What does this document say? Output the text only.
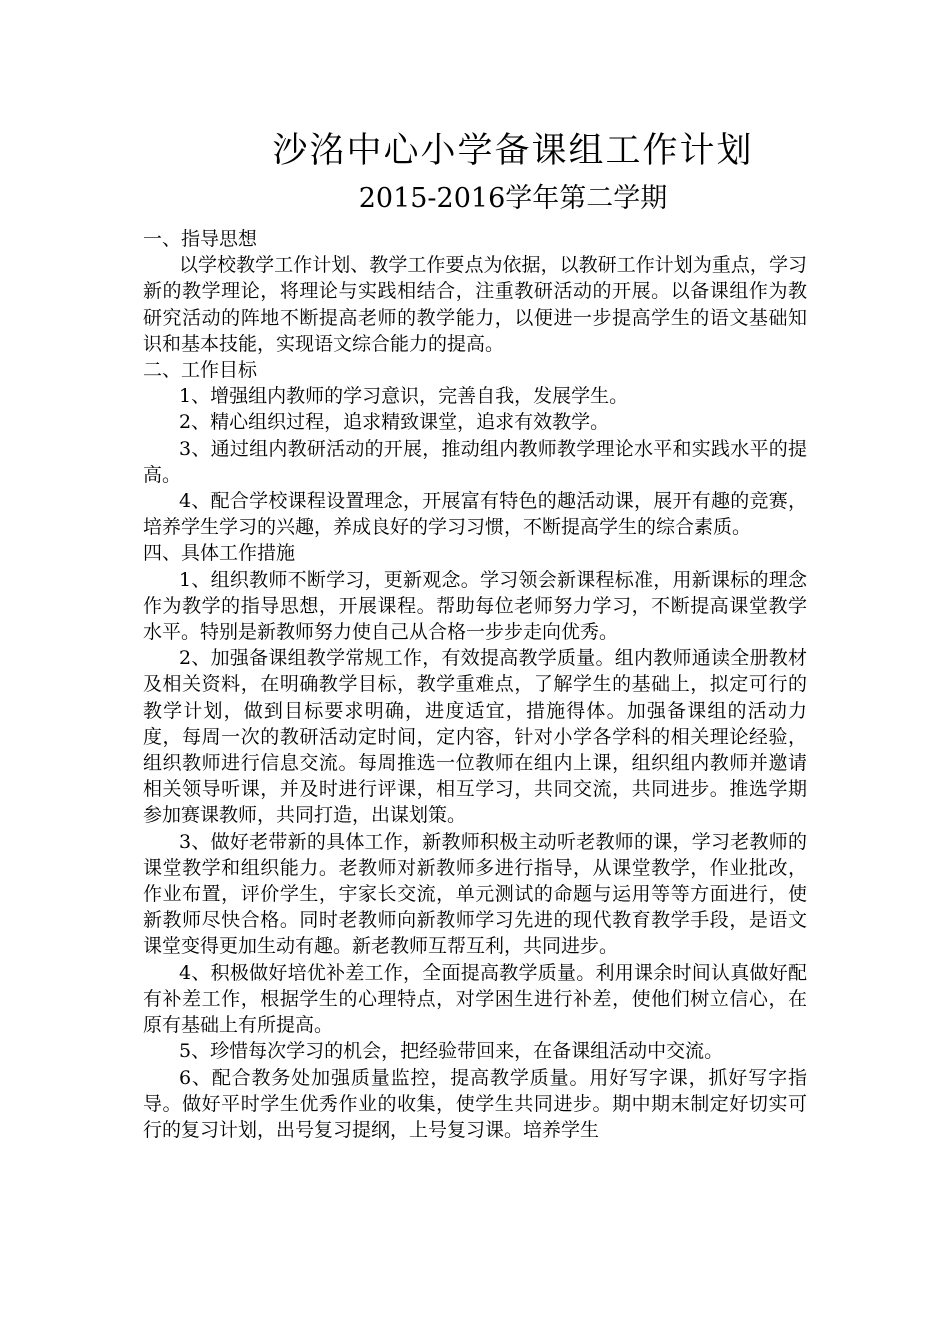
沙洺中心小学备课组工作计划
2015-2016学年第二学期

一、指导思想

以学校教学工作计划、教学工作要点为依据，以教研工作计划为重点，学习新的教学理论，将理论与实践相结合，注重教研活动的开展。以备课组作为教研究活动的阵地不断提高老师的教学能力，以便进一步提高学生的语文基础知识和基本技能，实现语文综合能力的提高。

二、工作目标

1、增强组内教师的学习意识，完善自我，发展学生。

2、精心组织过程，追求精致课堂，追求有效教学。

3、通过组内教研活动的开展，推动组内教师教学理论水平和实践水平的提高。

4、配合学校课程设置理念，开展富有特色的趣活动课，展开有趣的竞赛，培养学生学习的兴趣，养成良好的学习习惯，不断提高学生的综合素质。

四、具体工作措施

1、组织教师不断学习，更新观念。学习领会新课程标准，用新课标的理念作为教学的指导思想，开展课程。帮助每位老师努力学习，不断提高课堂教学水平。特别是新教师努力使自己从合格一步步走向优秀。

2、加强备课组教学常规工作，有效提高教学质量。组内教师通读全册教材及相关资料，在明确教学目标，教学重难点，了解学生的基础上，拟定可行的教学计划，做到目标要求明确，进度适宜，措施得体。加强备课组的活动力度，每周一次的教研活动定时间，定内容，针对小学各学科的相关理论经验，组织教师进行信息交流。每周推选一位教师在组内上课，组织组内教师并邀请相关领导听课，并及时进行评课，相互学习，共同交流，共同进步。推选学期参加赛课教师，共同打造，出谋划策。

3、做好老带新的具体工作，新教师积极主动听老教师的课，学习老教师的课堂教学和组织能力。老教师对新教师多进行指导，从课堂教学，作业批改，作业布置，评价学生，宇家长交流，单元测试的命题与运用等等方面进行，使新教师尽快合格。同时老教师向新教师学习先进的现代教育教学手段，是语文课堂变得更加生动有趣。新老教师互帮互利，共同进步。

4、积极做好培优补差工作，全面提高教学质量。利用课余时间认真做好配有补差工作，根据学生的心理特点，对学困生进行补差，使他们树立信心，在原有基础上有所提高。

5、珍惜每次学习的机会，把经验带回来，在备课组活动中交流。

6、配合教务处加强质量监控，提高教学质量。用好写字课，抓好写字指导。做好平时学生优秀作业的收集，使学生共同进步。期中期末制定好切实可行的复习计划，出号复习提纲，上号复习课。培养学生
